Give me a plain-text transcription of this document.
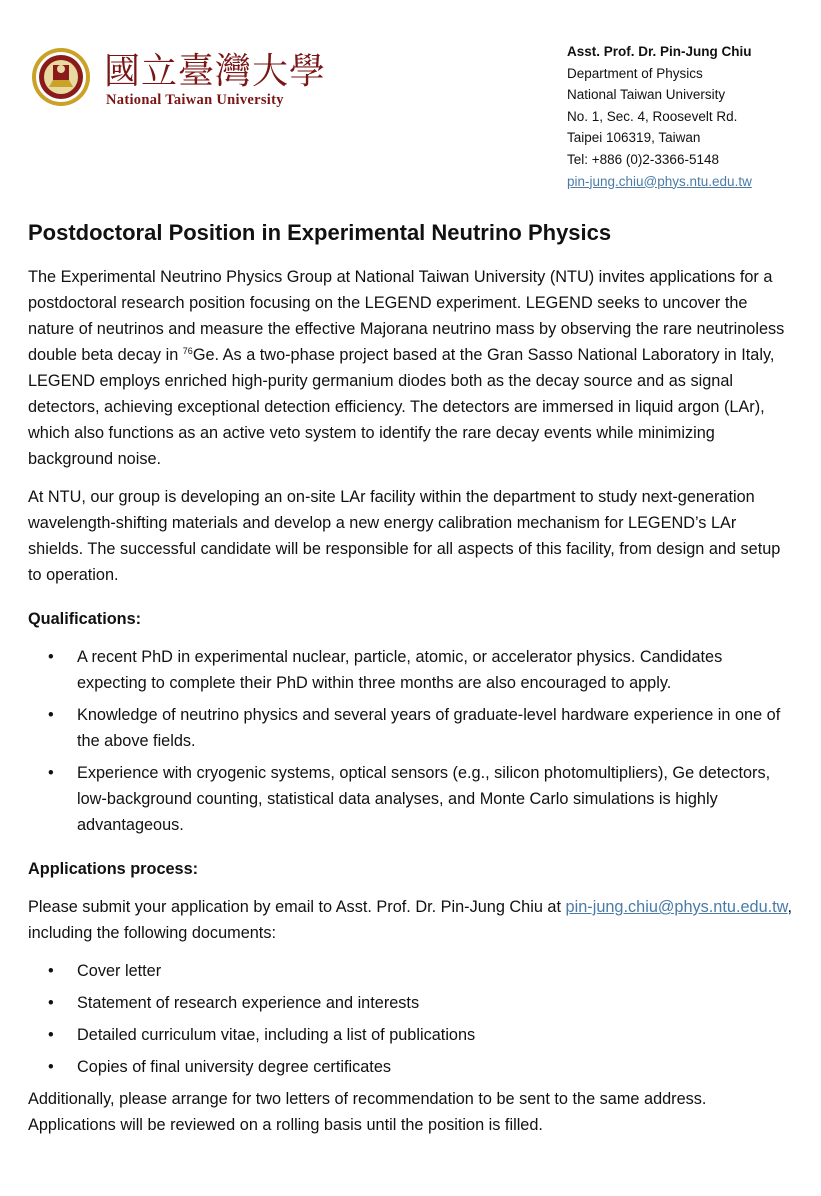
國立臺灣大學
National Taiwan University
Asst. Prof. Dr. Pin-Jung Chiu
Department of Physics
National Taiwan University
No. 1, Sec. 4, Roosevelt Rd.
Taipei 106319, Taiwan
Tel: +886 (0)2-3366-5148
pin-jung.chiu@phys.ntu.edu.tw
Postdoctoral Position in Experimental Neutrino Physics

The Experimental Neutrino Physics Group at National Taiwan University (NTU) invites applications for a postdoctoral research position focusing on the LEGEND experiment. LEGEND seeks to uncover the nature of neutrinos and measure the effective Majorana neutrino mass by observing the rare neutrinoless double beta decay in $^{76}$Ge. As a two-phase project based at the Gran Sasso National Laboratory in Italy, LEGEND employs enriched high-purity germanium diodes both as the decay source and as signal detectors, achieving exceptional detection efficiency. The detectors are immersed in liquid argon (LAr), which also functions as an active veto system to identify the rare decay events while minimizing background noise.

At NTU, our group is developing an on-site LAr facility within the department to study next-generation wavelength-shifting materials and develop a new energy calibration mechanism for LEGEND’s LAr shields. The successful candidate will be responsible for all aspects of this facility, from design and setup to operation.

Qualifications:
• A recent PhD in experimental nuclear, particle, atomic, or accelerator physics. Candidates expecting to complete their PhD within three months are also encouraged to apply.
• Knowledge of neutrino physics and several years of graduate-level hardware experience in one of the above fields.
• Experience with cryogenic systems, optical sensors (e.g., silicon photomultipliers), Ge detectors, low-background counting, statistical data analyses, and Monte Carlo simulations is highly advantageous.
Applications process:

Please submit your application by email to Asst. Prof. Dr. Pin-Jung Chiu at pin-jung.chiu@phys.ntu.edu.tw, including the following documents:

• Cover letter
• Statement of research experience and interests
• Detailed curriculum vitae, including a list of publications
• Copies of final university degree certificates

Additionally, please arrange for two letters of recommendation to be sent to the same address. Applications will be reviewed on a rolling basis until the position is filled.
